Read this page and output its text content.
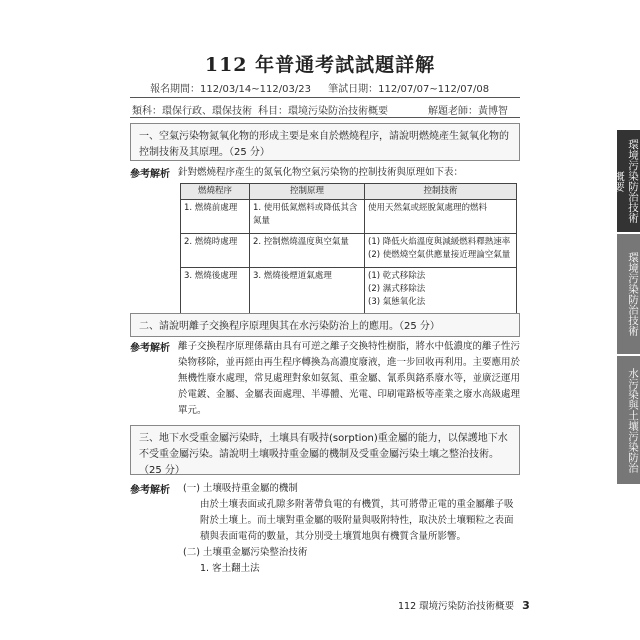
112 年普通考試試題詳解
報名期間：112/03/14~112/03/23 筆試日期：112/07/07~112/07/08
類科：環保行政、環保技術 科目：環境污染防治技術概要	解題老師：黃博智
一、空氣污染物氮氧化物的形成主要是來自於燃燒程序，請說明燃燒產生氮氧化物的控制技術及其原理。（25 分）
參考解析 針對燃燒程序產生的氮氧化物空氣污染物的控制技術與原理如下表：
燃燒程序	控制原理	控制技術
1. 燃燒前處理	1. 使用低氮燃料或降低其含氮量	使用天然氣或經脫氮處理的燃料
2. 燃燒時處理	2. 控制燃燒溫度與空氣量	(1) 降低火焰溫度與減緩燃料釋熱速率
(2) 使燃燒空氣供應量接近理論空氣量
3. 燃燒後處理	3. 燃燒後煙道氣處理	(1) 乾式移除法
(2) 濕式移除法
(3) 氣態氧化法
二、請說明離子交換程序原理與其在水污染防治上的應用。（25 分）
參考解析 離子交換程序原理係藉由具有可逆之離子交換特性樹脂，將水中低濃度的離子性污染物移除，並再經由再生程序轉換為高濃度廢液，進一步回收再利用。主要應用於無機性廢水處理，常見處理對象如氨氮、重金屬、氰系與鉻系廢水等，並廣泛運用於電鍍、金屬、金屬表面處理、半導體、光電、印刷電路板等產業之廢水高級處理單元。
三、地下水受重金屬污染時，土壤具有吸持(sorption)重金屬的能力，以保護地下水不受重金屬污染。請說明土壤吸持重金屬的機制及受重金屬污染土壤之整治技術。（25 分）
參考解析 (一) 土壤吸持重金屬的機制
由於土壤表面或孔隙多附著帶負電的有機質，其可將帶正電的重金屬離子吸附於土壤上。而土壤對重金屬的吸附量與吸附特性，取決於土壤顆粒之表面積與表面電荷的數量，其分別受土壤質地與有機質含量所影響。
(二) 土壤重金屬污染整治技術
1. 客土翻土法
環境污染防治技術概要
環境污染防治技術
水污染與土壤污染防治
112 環境污染防治技術概要 3
